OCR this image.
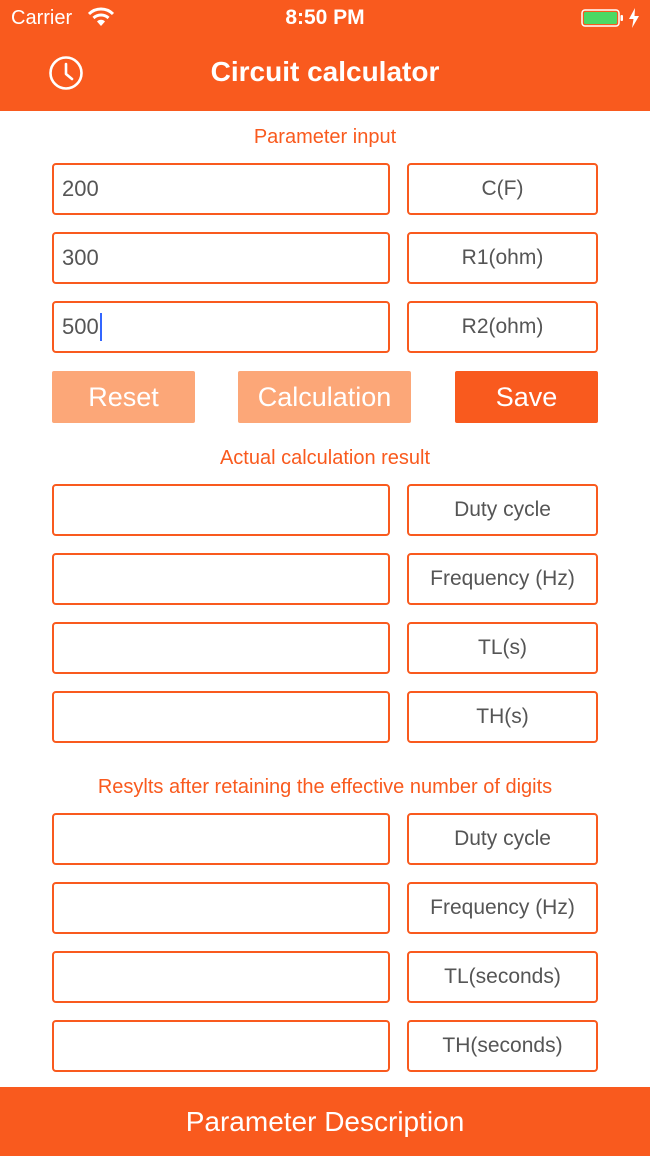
Carrier	8:50 PM
Circuit calculator
Parameter input
200	C(F)
300	R1(ohm)
500	R2(ohm)
Reset	Calculation	Save
Actual calculation result
Duty cycle
Frequency (Hz)
TL(s)
TH(s)
Resylts after retaining the effective number of digits
Duty cycle
Frequency (Hz)
TL(seconds)
TH(seconds)
Parameter Description
